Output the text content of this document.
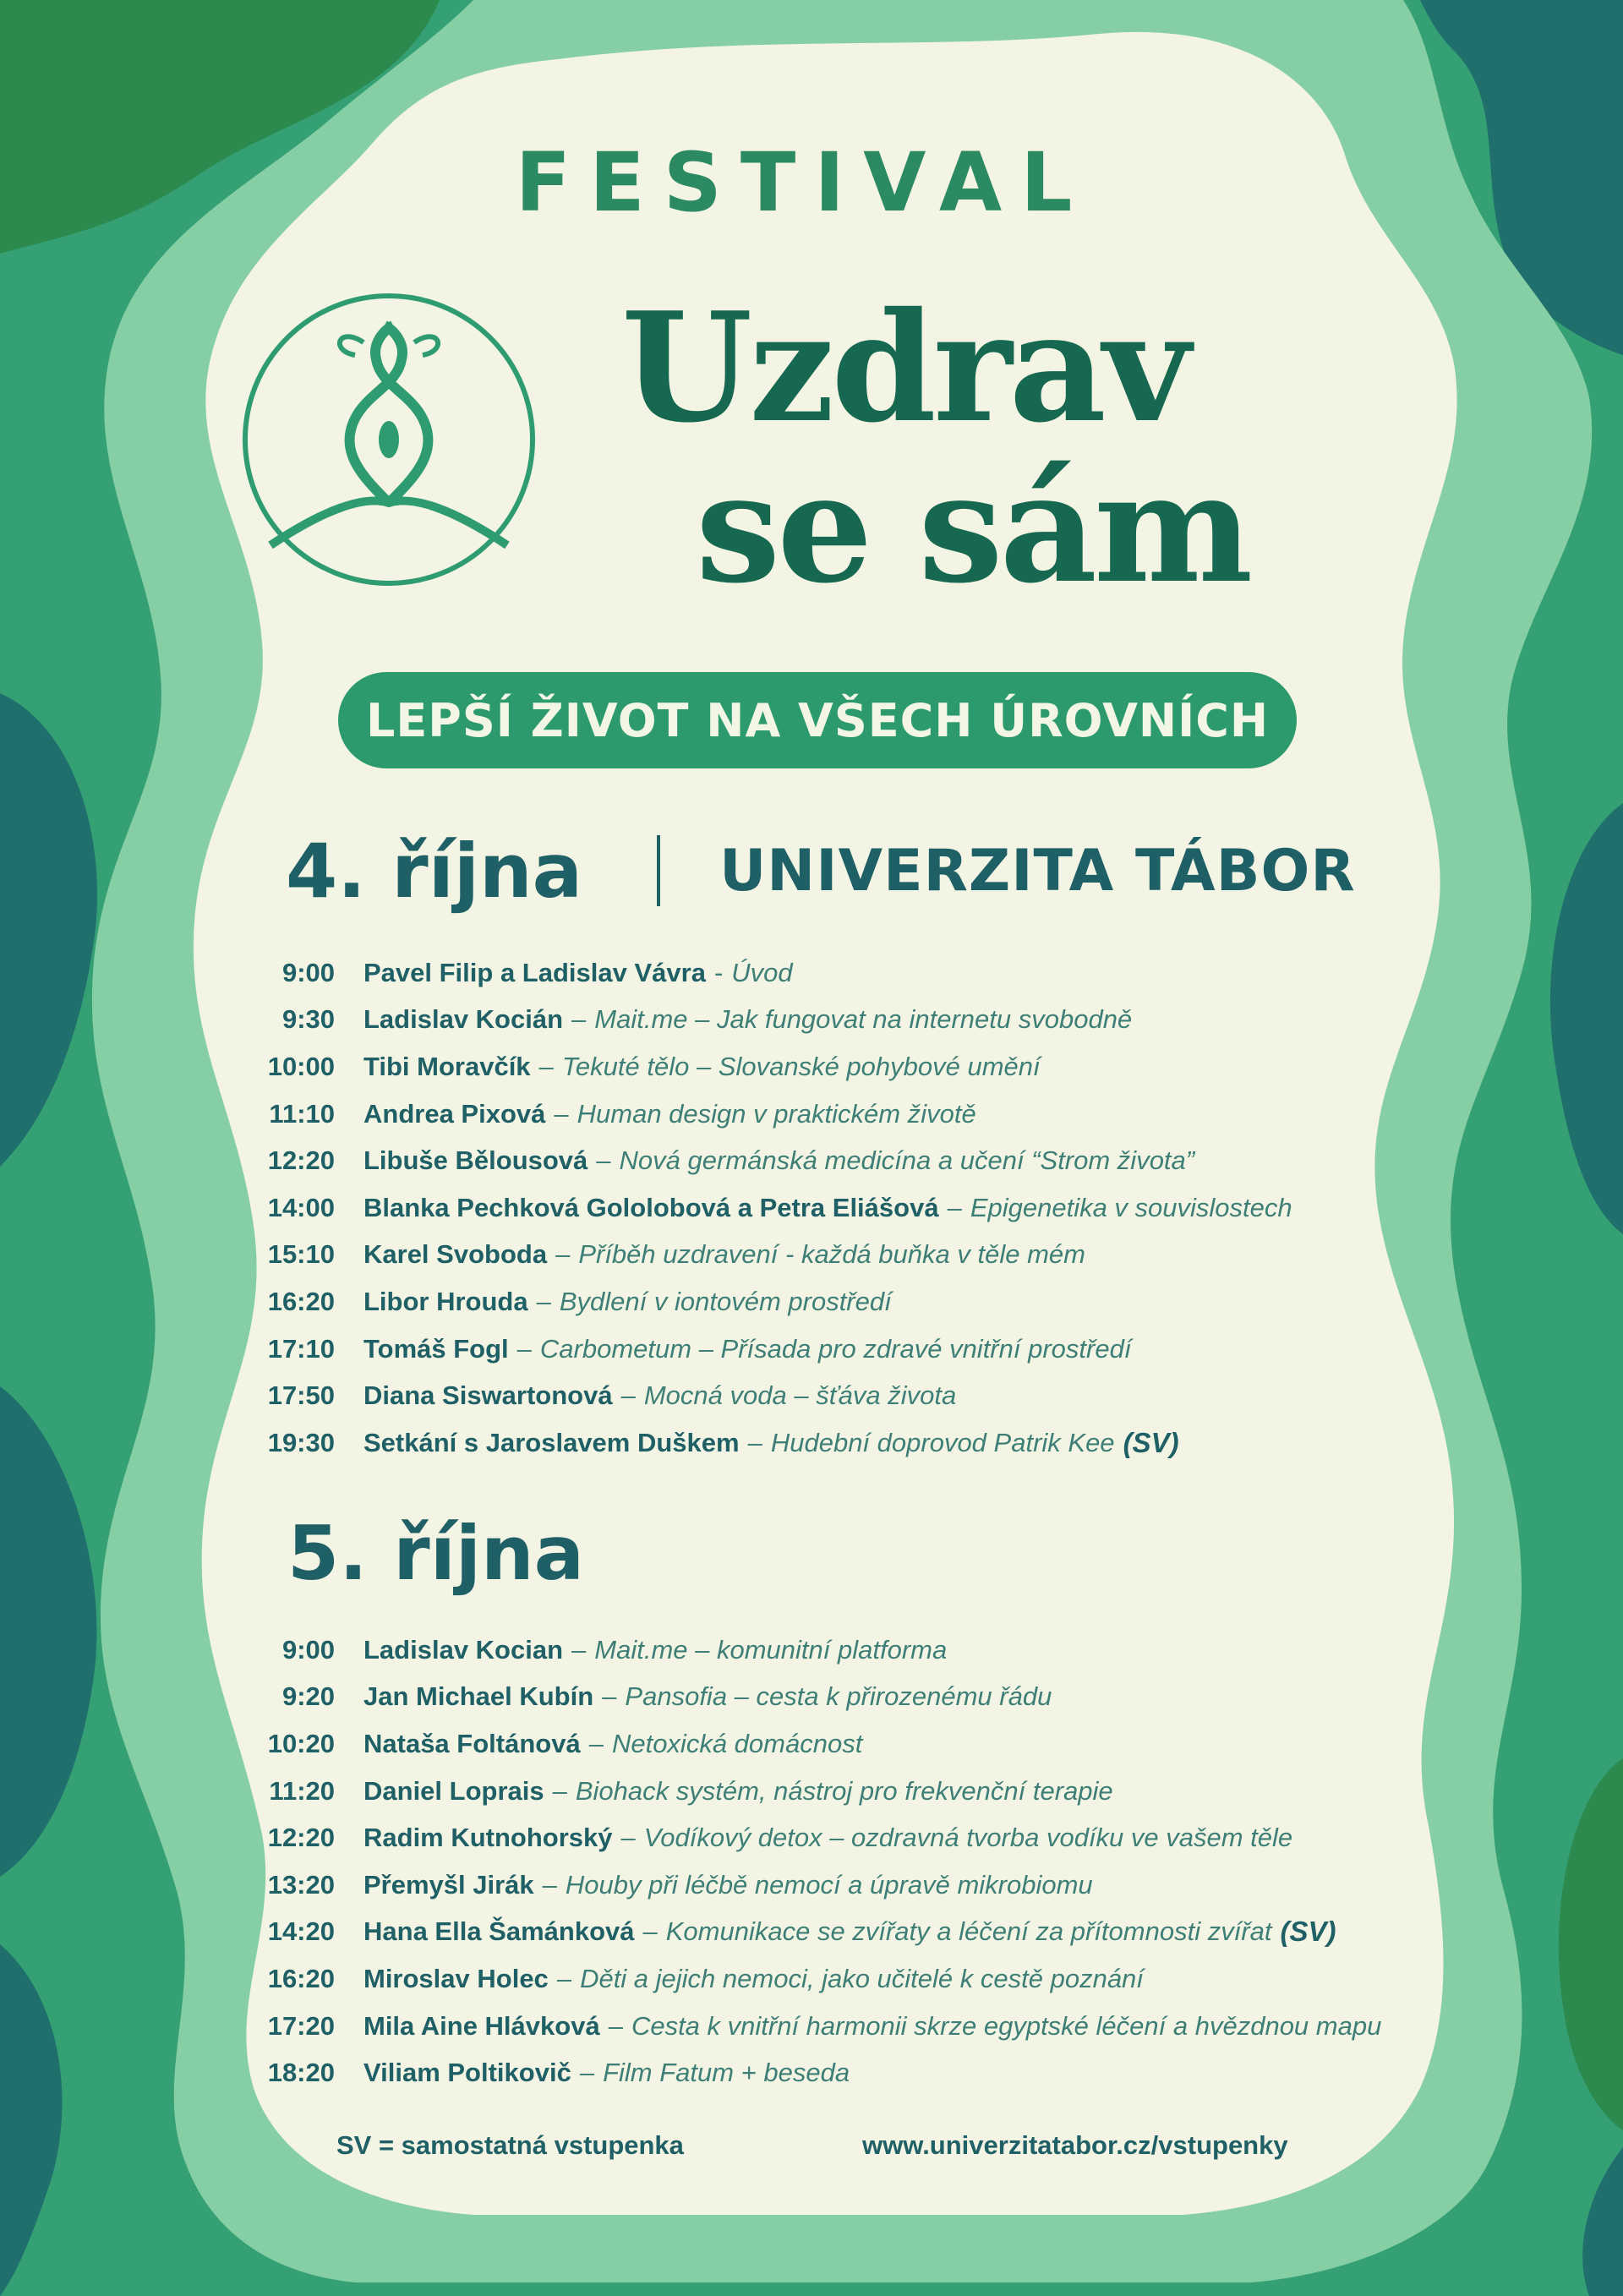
FESTIVAL
Uzdrav
se sám
LEPŠÍ ŽIVOT NA VŠECH ÚROVNÍCH
4. října UNIVERZITA TÁBOR
9:00 Pavel Filip a Ladislav Vávra - Úvod
9:30 Ladislav Kocián – Mait.me – Jak fungovat na internetu svobodně
10:00 Tibi Moravčík – Tekuté tělo – Slovanské pohybové umění
11:10 Andrea Pixová – Human design v praktickém životě
12:20 Libuše Bělousová – Nová germánská medicína a učení “Strom života”
14:00 Blanka Pechková Gololobová a Petra Eliášová – Epigenetika v souvislostech
15:10 Karel Svoboda – Příběh uzdravení - každá buňka v těle mém
16:20 Libor Hrouda – Bydlení v iontovém prostředí
17:10 Tomáš Fogl – Carbometum – Přísada pro zdravé vnitřní prostředí
17:50 Diana Siswartonová – Mocná voda – šťáva života
19:30 Setkání s Jaroslavem Duškem – Hudební doprovod Patrik Kee (SV)
5. října
9:00 Ladislav Kocian – Mait.me – komunitní platforma
9:20 Jan Michael Kubín – Pansofia – cesta k přirozenému řádu
10:20 Nataša Foltánová – Netoxická domácnost
11:20 Daniel Loprais – Biohack systém, nástroj pro frekvenční terapie
12:20 Radim Kutnohorský – Vodíkový detox – ozdravná tvorba vodíku ve vašem těle
13:20 Přemyšl Jirák – Houby při léčbě nemocí a úpravě mikrobiomu
14:20 Hana Ella Šamánková – Komunikace se zvířaty a léčení za přítomnosti zvířat (SV)
16:20 Miroslav Holec – Děti a jejich nemoci, jako učitelé k cestě poznání
17:20 Mila Aine Hlávková – Cesta k vnitřní harmonii skrze egyptské léčení a hvězdnou mapu
18:20 Viliam Poltikovič – Film Fatum + beseda
SV = samostatná vstupenka	www.univerzitatabor.cz/vstupenky
